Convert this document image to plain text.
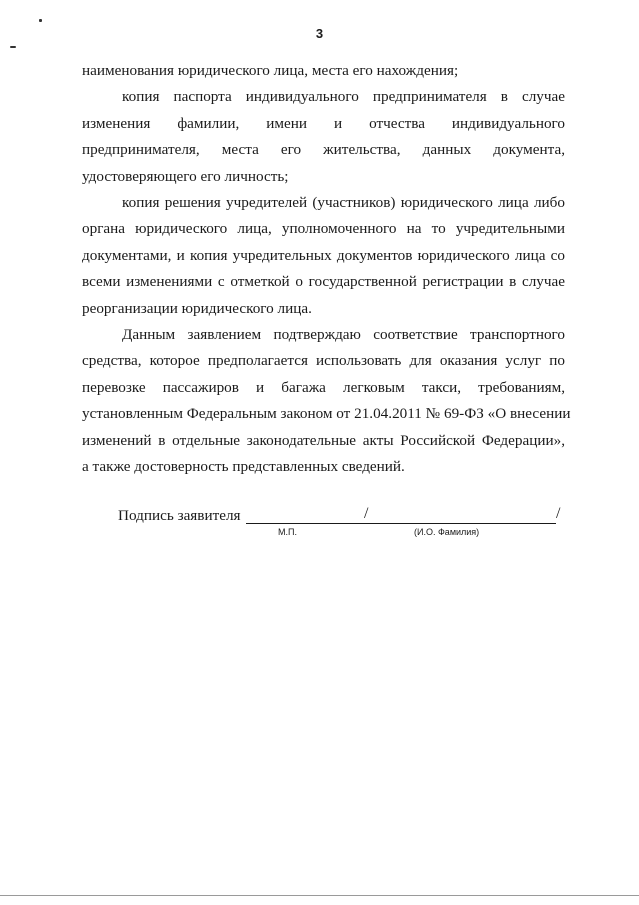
3
наименования юридического лица, места его нахождения;
копия паспорта индивидуального предпринимателя в случае
изменения фамилии, имени и отчества индивидуального
предпринимателя, места его жительства, данных документа,
удостоверяющего его личность;
копия решения учредителей (участников) юридического лица либо
органа юридического лица, уполномоченного на то учредительными
документами, и копия учредительных документов юридического лица со
всеми изменениями с отметкой о государственной регистрации в случае
реорганизации юридического лица.
Данным заявлением подтверждаю соответствие транспортного
средства, которое предполагается использовать для оказания услуг по
перевозке пассажиров и багажа легковым такси, требованиям,
установленным Федеральным законом от 21.04.2011 № 69-ФЗ «О внесении
изменений в отдельные законодательные акты Российской Федерации»,
а также достоверность представленных сведений.
Подпись заявителя	/	/
М.П.	(И.О. Фамилия)
